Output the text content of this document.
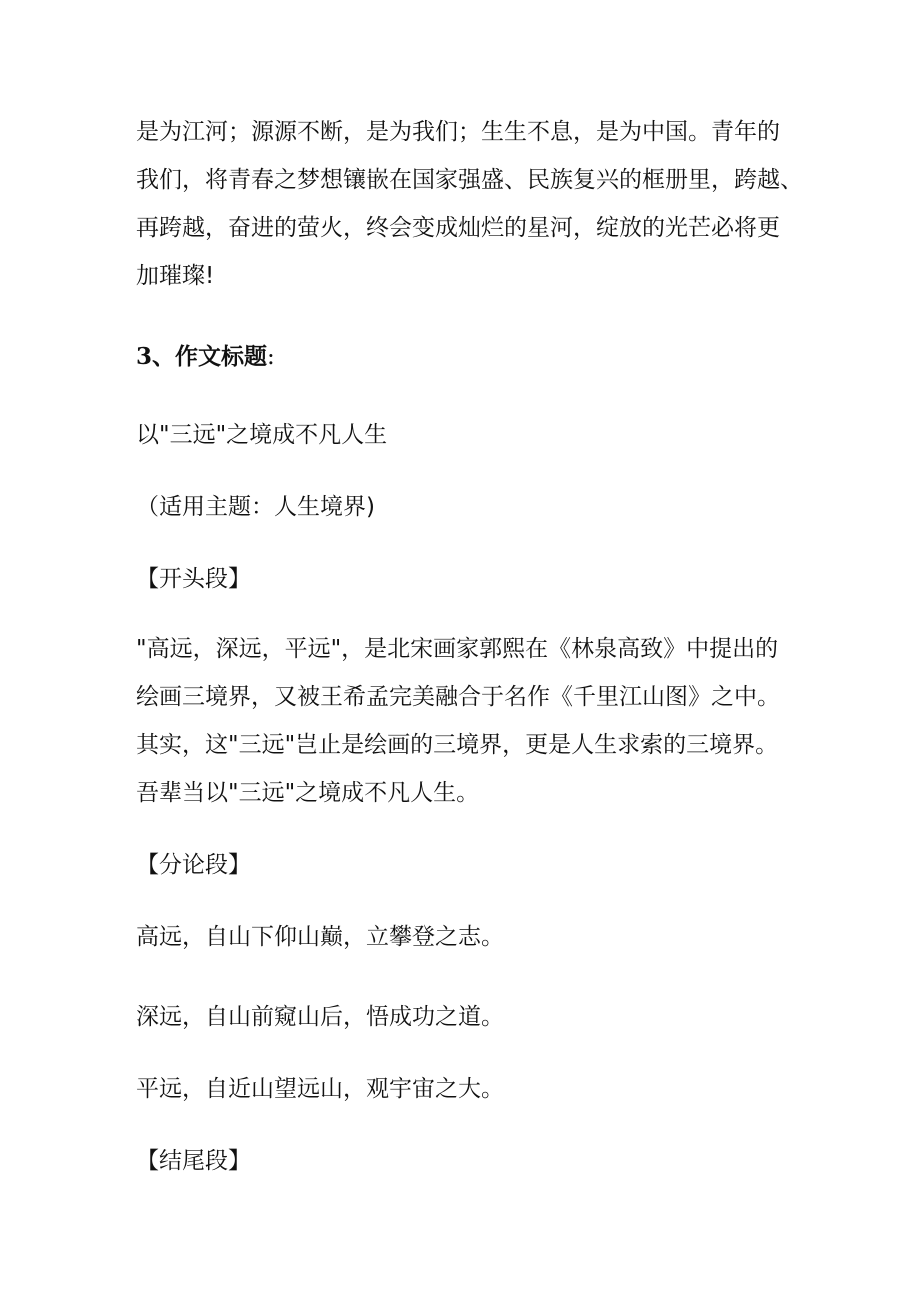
是为江河；源源不断，是为我们；生生不息，是为中国。青年的
我们，将青春之梦想镶嵌在国家强盛、民族复兴的框册里，跨越、
再跨越，奋进的萤火，终会变成灿烂的星河，绽放的光芒必将更
加璀璨!

3、作文标题:

以"三远"之境成不凡人生

（适用主题：人生境界)

【开头段】

"高远，深远，平远"，是北宋画家郭熙在《林泉高致》中提出的
绘画三境界，又被王希孟完美融合于名作《千里江山图》之中。
其实，这"三远"岂止是绘画的三境界，更是人生求索的三境界。
吾辈当以"三远"之境成不凡人生。

【分论段】

高远，自山下仰山巅，立攀登之志。

深远，自山前窥山后，悟成功之道。

平远，自近山望远山，观宇宙之大。

【结尾段】
